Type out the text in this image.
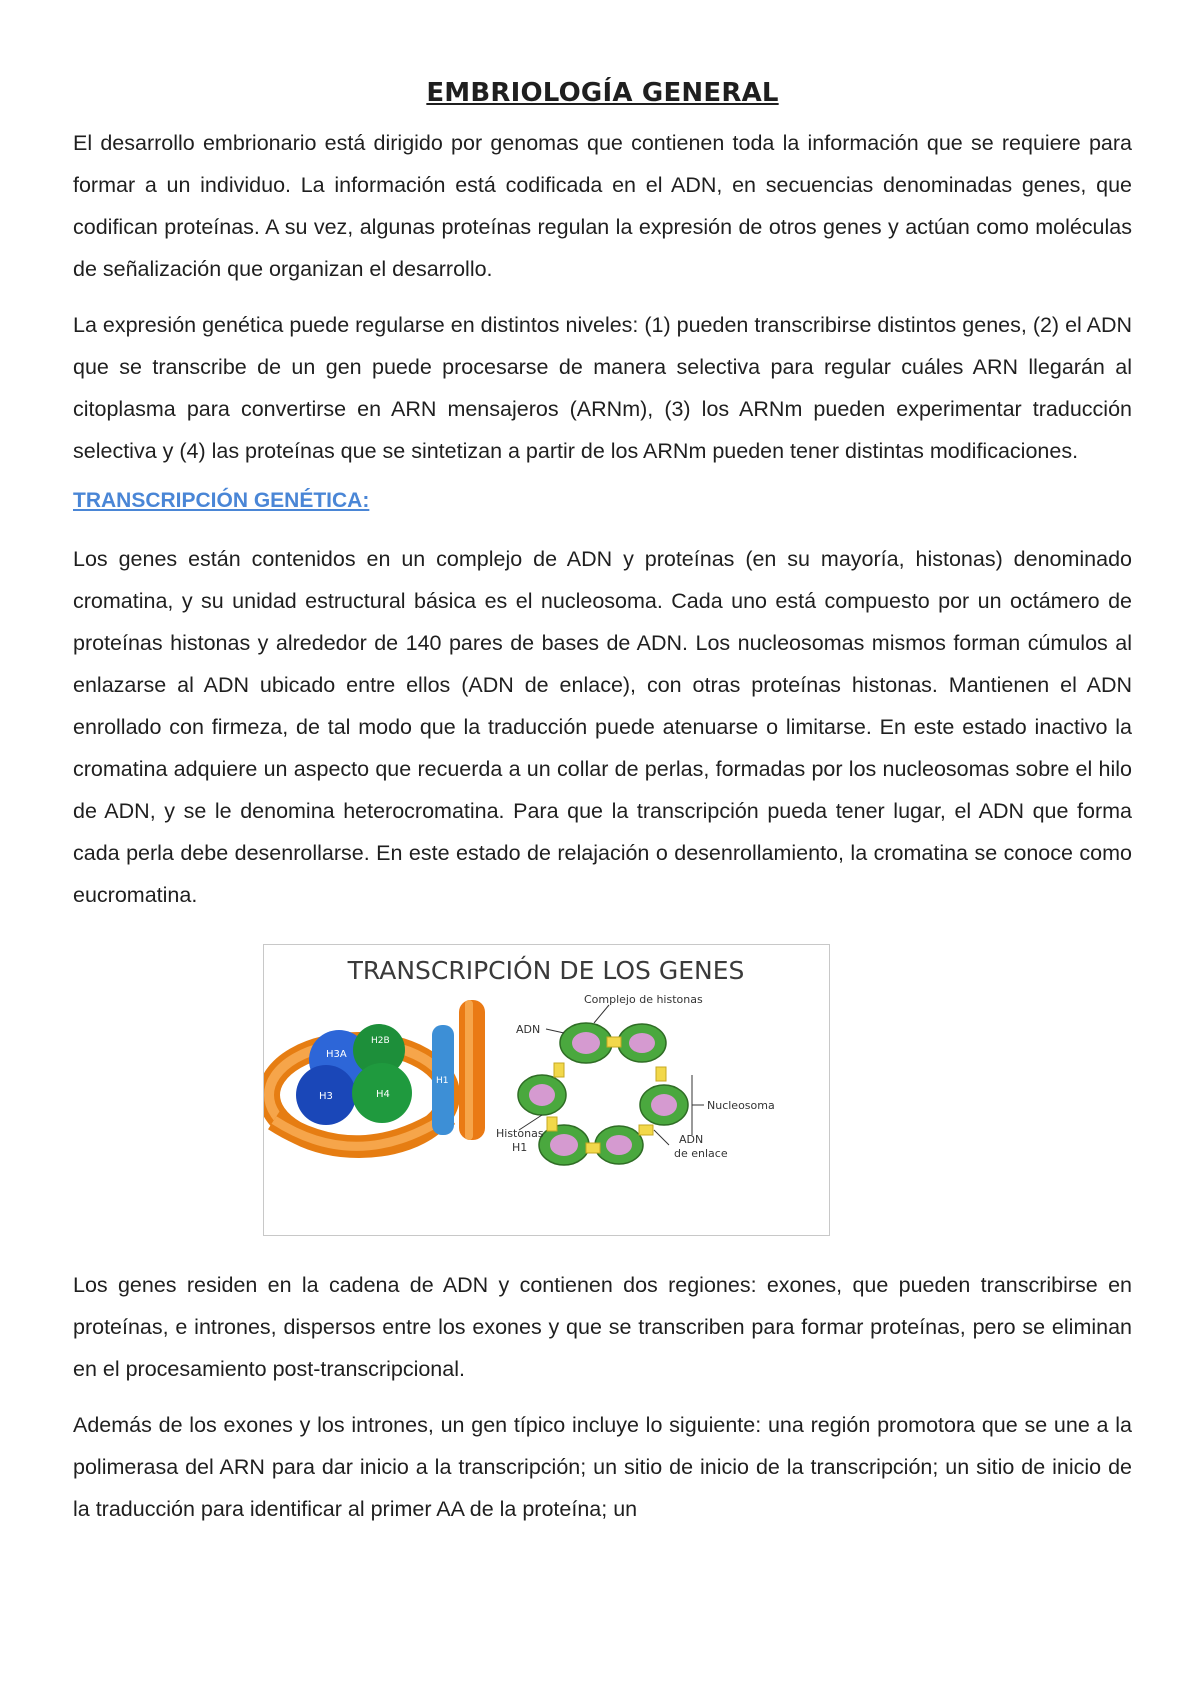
EMBRIOLOGÍA GENERAL

El desarrollo embrionario está dirigido por genomas que contienen toda la información que se requiere para formar a un individuo. La información está codificada en el ADN, en secuencias denominadas genes, que codifican proteínas. A su vez, algunas proteínas regulan la expresión de otros genes y actúan como moléculas de señalización que organizan el desarrollo.

La expresión genética puede regularse en distintos niveles: (1) pueden transcribirse distintos genes, (2) el ADN que se transcribe de un gen puede procesarse de manera selectiva para regular cuáles ARN llegarán al citoplasma para convertirse en ARN mensajeros (ARNm), (3) los ARNm pueden experimentar traducción selectiva y (4) las proteínas que se sintetizan a partir de los ARNm pueden tener distintas modificaciones.

TRANSCRIPCIÓN GENÉTICA:

Los genes están contenidos en un complejo de ADN y proteínas (en su mayoría, histonas) denominado cromatina, y su unidad estructural básica es el nucleosoma. Cada uno está compuesto por un octámero de proteínas histonas y alrededor de 140 pares de bases de ADN. Los nucleosomas mismos forman cúmulos al enlazarse al ADN ubicado entre ellos (ADN de enlace), con otras proteínas histonas. Mantienen el ADN enrollado con firmeza, de tal modo que la traducción puede atenuarse o limitarse. En este estado inactivo la cromatina adquiere un aspecto que recuerda a un collar de perlas, formadas por los nucleosomas sobre el hilo de ADN, y se le denomina heterocromatina. Para que la transcripción pueda tener lugar, el ADN que forma cada perla debe desenrollarse. En este estado de relajación o desenrollamiento, la cromatina se conoce como eucromatina.

TRANSCRIPCIÓN DE LOS GENES
H3A
H2B
H3	H4
H1
Complejo de histonas
ADN
Nucleosoma
Histonas
H1
ADN
de enlace

Los genes residen en la cadena de ADN y contienen dos regiones: exones, que pueden transcribirse en proteínas, e intrones, dispersos entre los exones y que se transcriben para formar proteínas, pero se eliminan en el procesamiento post-transcripcional.

Además de los exones y los intrones, un gen típico incluye lo siguiente: una región promotora que se une a la polimerasa del ARN para dar inicio a la transcripción; un sitio de inicio de la transcripción; un sitio de inicio de la traducción para identificar al primer AA de la proteína; un
